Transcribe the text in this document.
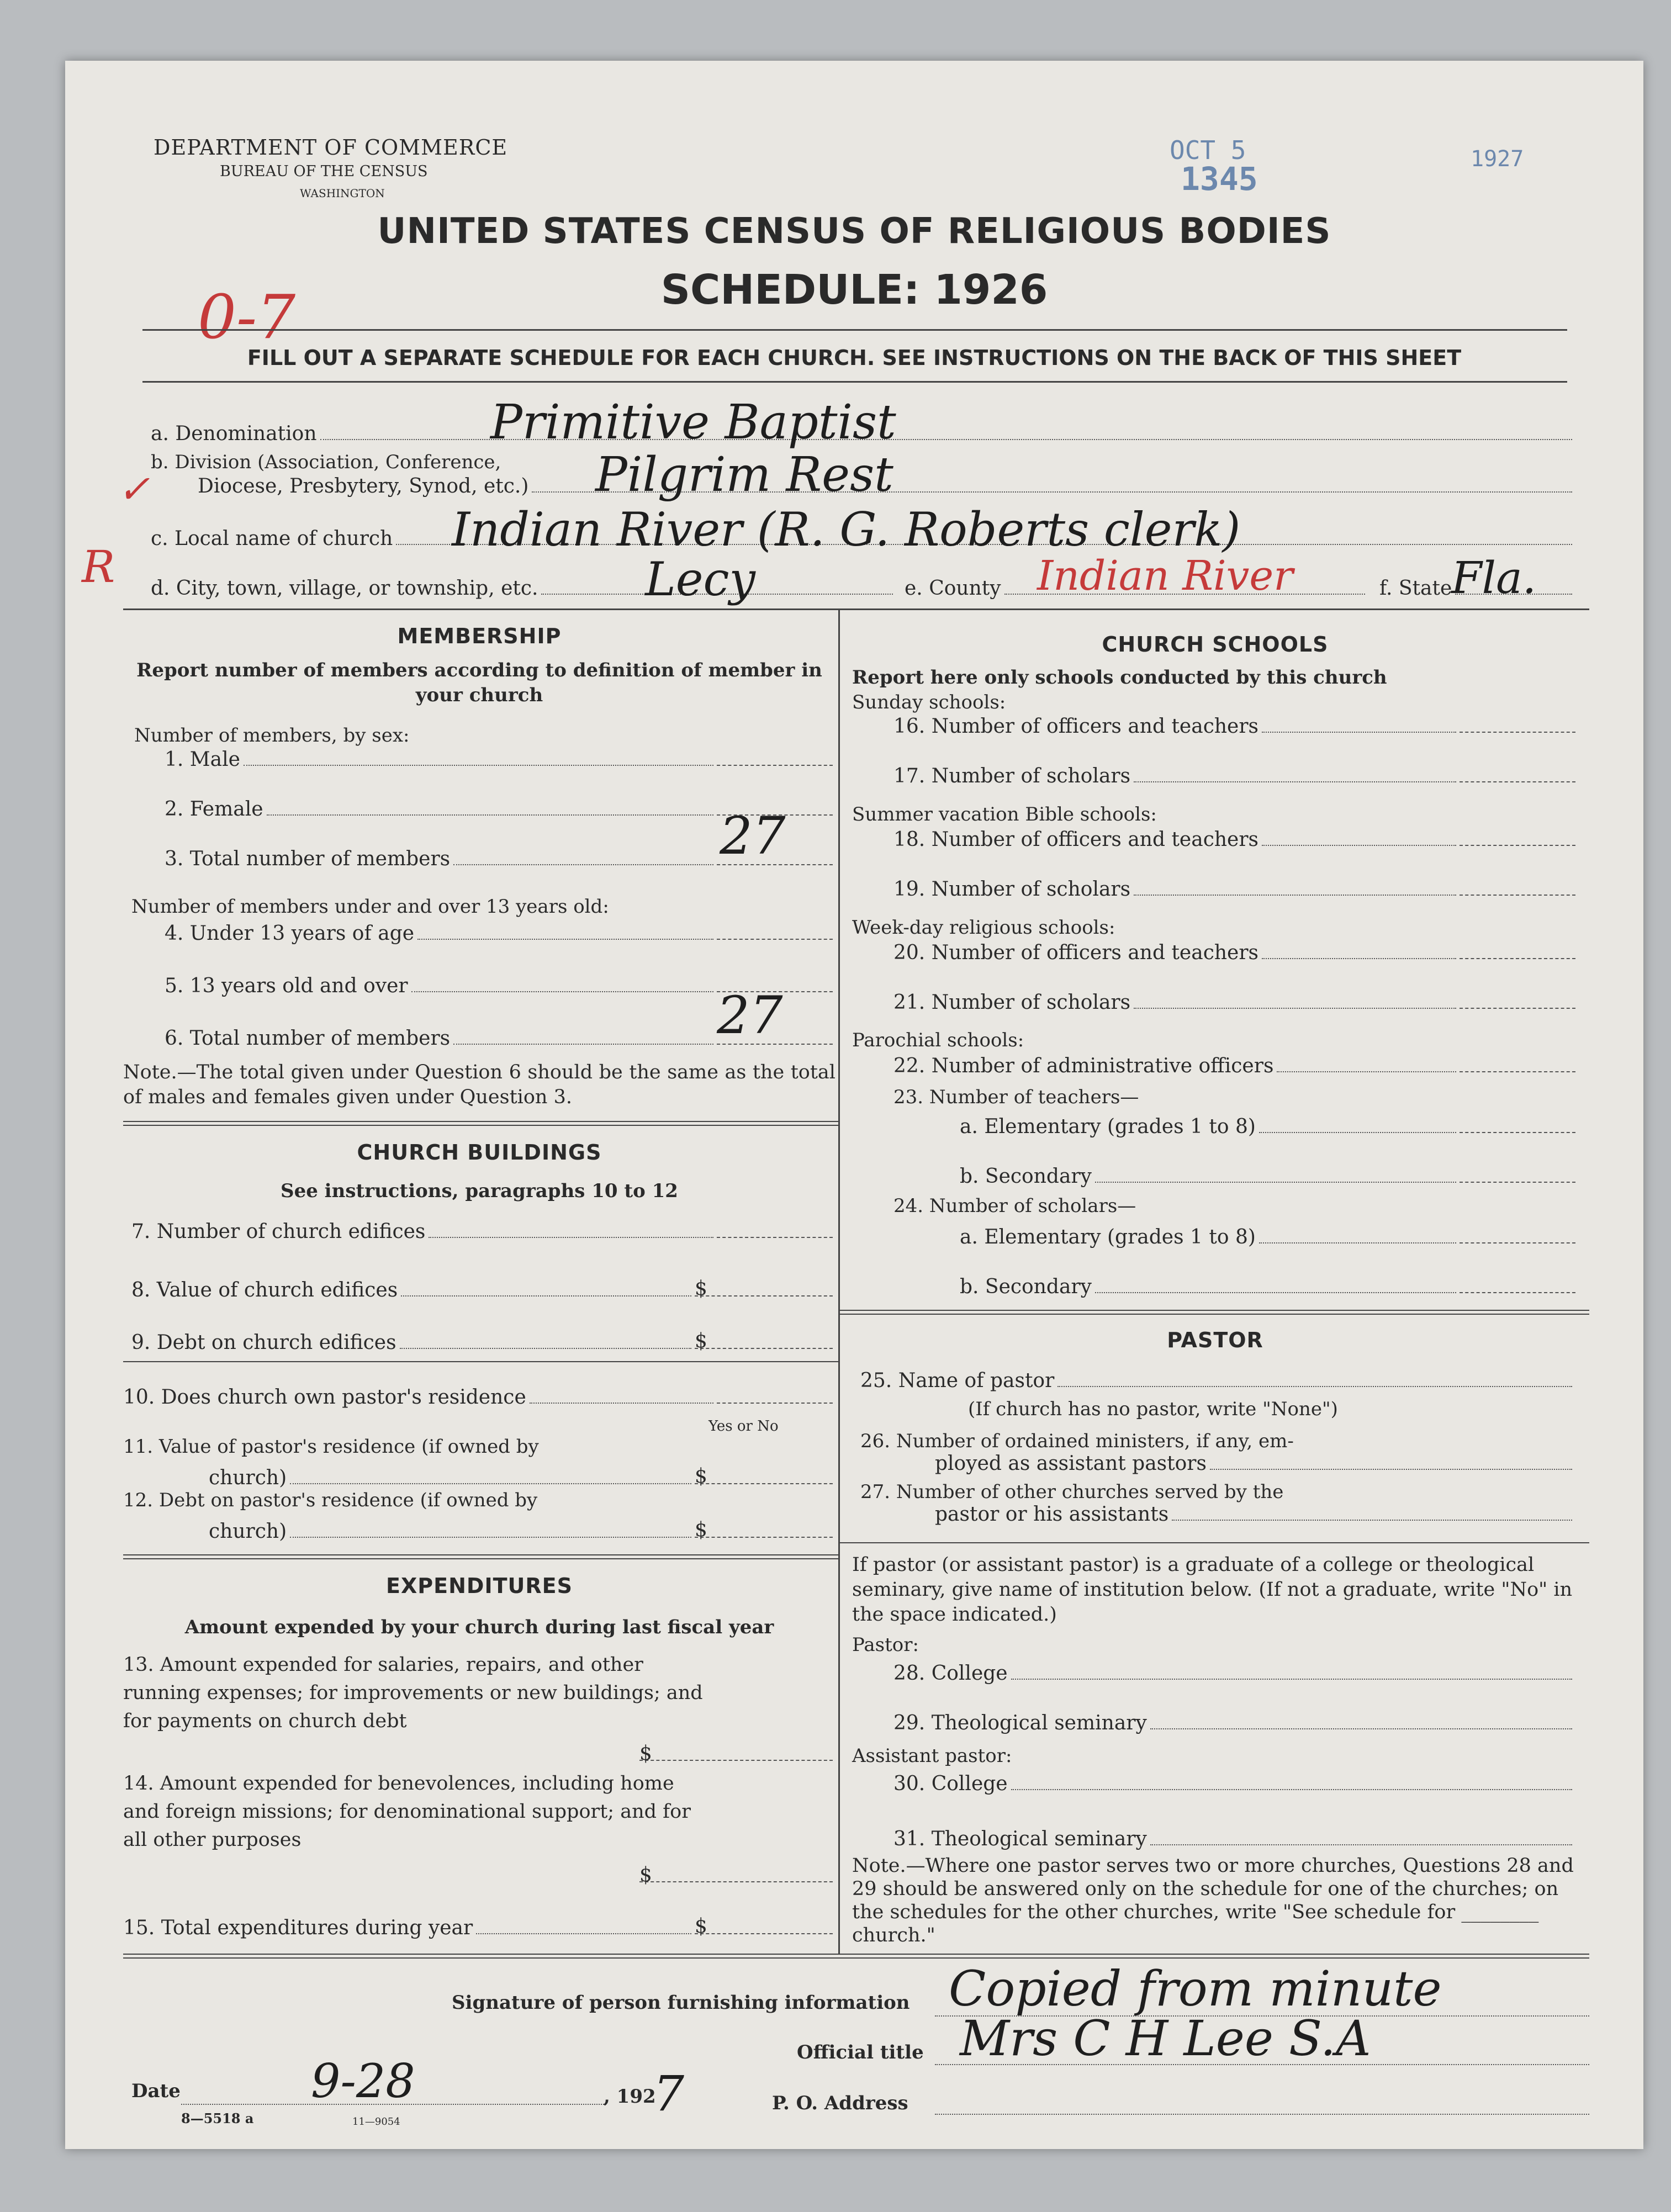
DEPARTMENT OF COMMERCE
BUREAU OF THE CENSUS
WASHINGTON
OCT 5	1927
1345
UNITED STATES CENSUS OF RELIGIOUS BODIES
SCHEDULE: 1926
0-7
FILL OUT A SEPARATE SCHEDULE FOR EACH CHURCH. SEE INSTRUCTIONS ON THE BACK OF THIS SHEET
a. Denomination	Primitive Baptist
b. Division (Association, Conference,
Diocese, Presbytery, Synod, etc.) Pilgrim Rest
✓
R
c. Local name of church Indian River (R. G. Roberts clerk)
d. City, town, village, or township, etc. Lecy	e. County Indian River	f. State
Fla.
MEMBERSHIP
Report number of members according to definition of member in your church
Number of members, by sex:
1. Male
2. Female
3. Total number of members	27
Number of members under and over 13 years old:
4. Under 13 years of age
5. 13 years old and over
6. Total number of members	27
Note.—The total given under Question 6 should be the same as the total of males and females given under Question 3.
CHURCH BUILDINGS
See instructions, paragraphs 10 to 12
7. Number of church edifices
8. Value of church edifices
$
9. Debt on church edifices
$
10. Does church own pastor's residence
Yes or No
11. Value of pastor's residence (if owned by
church)
$
12. Debt on pastor's residence (if owned by
church)
$
EXPENDITURES
Amount expended by your church during last fiscal year
13. Amount expended for salaries, repairs, and other running expenses; for improvements or new buildings; and for payments on church debt
$
14. Amount expended for benevolences, including home and foreign missions; for denominational support; and for all other purposes
$
15. Total expenditures during year
$
CHURCH SCHOOLS
Report here only schools conducted by this church
Sunday schools:
16. Number of officers and teachers
17. Number of scholars
Summer vacation Bible schools:
18. Number of officers and teachers
19. Number of scholars
Week-day religious schools:
20. Number of officers and teachers
21. Number of scholars
Parochial schools:
22. Number of administrative officers
23. Number of teachers—
a. Elementary (grades 1 to 8)
b. Secondary
24. Number of scholars—
a. Elementary (grades 1 to 8)
b. Secondary
PASTOR
25. Name of pastor
(If church has no pastor, write "None")
26. Number of ordained ministers, if any, em-
ployed as assistant pastors
27. Number of other churches served by the
pastor or his assistants
If pastor (or assistant pastor) is a graduate of a college or theological seminary, give name of institution below. (If not a graduate, write "No" in the space indicated.)
Pastor:
28. College
29. Theological seminary
Assistant pastor:
30. College
31. Theological seminary
Note.—Where one pastor serves two or more churches, Questions 28 and 29 should be answered only on the schedule for one of the churches; on the schedules for the other churches, write "See schedule for ________ church."
Signature of person furnishing information Copied from minute
Official title Mrs C H Lee S.A
Date	9-28	, 192
7	P. O. Address
8—5518 a	11—9054
